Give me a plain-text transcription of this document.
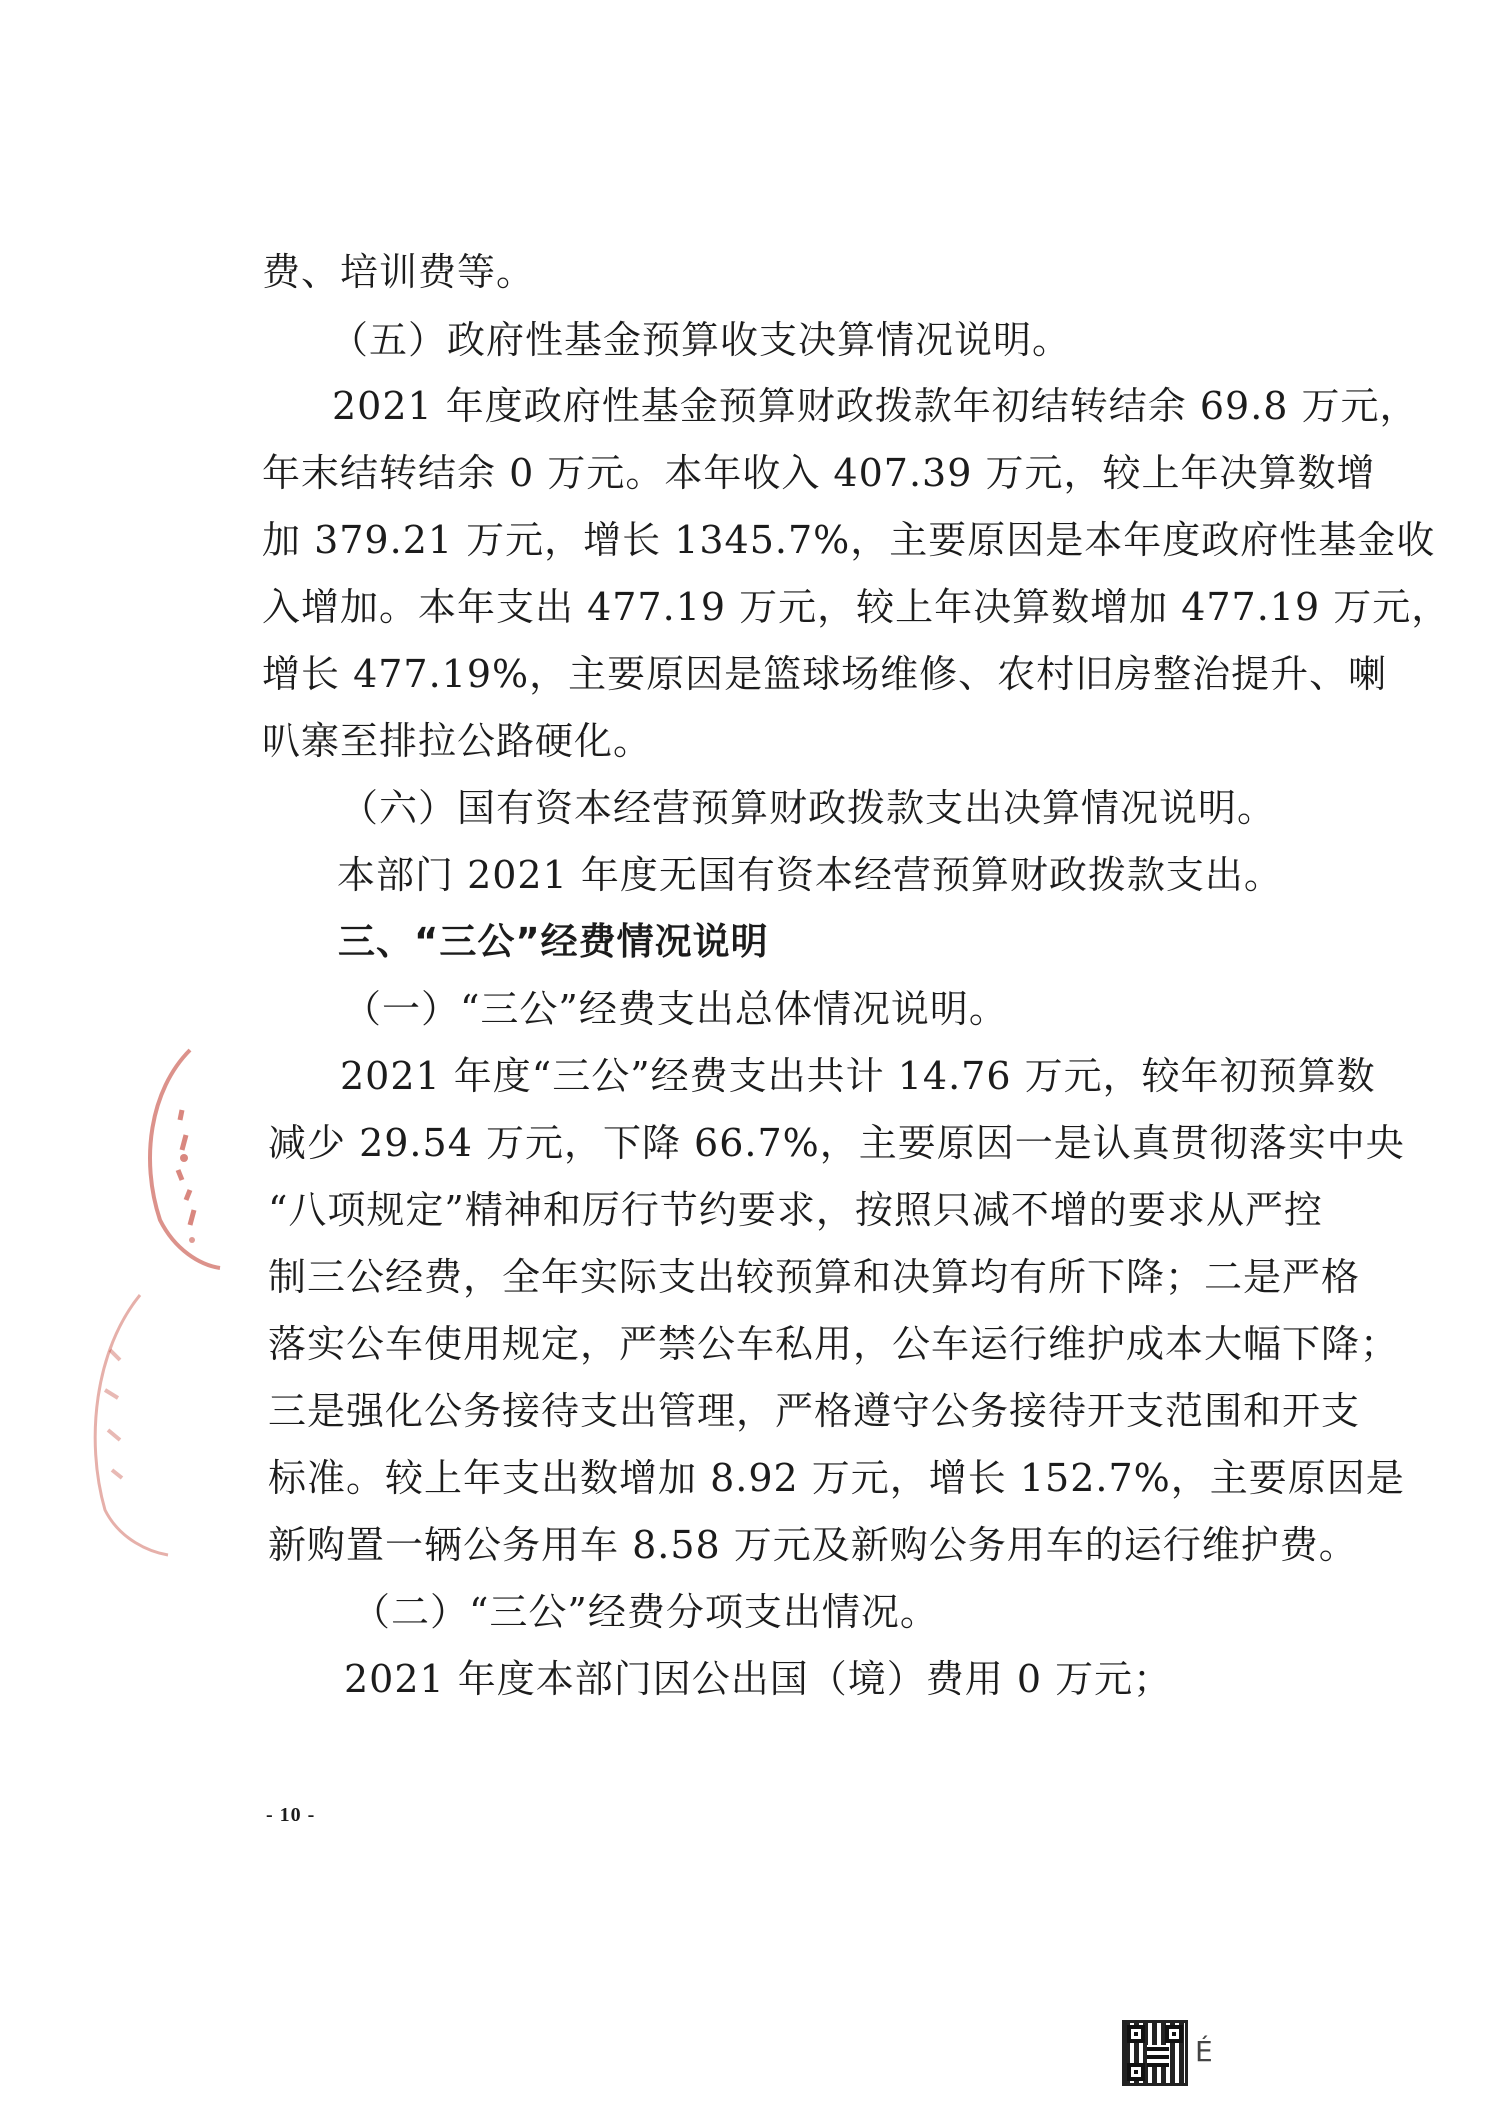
费、培训费等。
（五）政府性基金预算收支决算情况说明。
2021 年度政府性基金预算财政拨款年初结转结余 69.8 万元，
年末结转结余 0 万元。本年收入 407.39 万元，较上年决算数增
加 379.21 万元，增长 1345.7%，主要原因是本年度政府性基金收
入增加。本年支出 477.19 万元，较上年决算数增加 477.19 万元，
增长 477.19%，主要原因是篮球场维修、农村旧房整治提升、喇
叭寨至排拉公路硬化。
（六）国有资本经营预算财政拨款支出决算情况说明。
本部门 2021 年度无国有资本经营预算财政拨款支出。
三、“三公”经费情况说明
（一）“三公”经费支出总体情况说明。
2021 年度“三公”经费支出共计 14.76 万元，较年初预算数
减少 29.54 万元，下降 66.7%，主要原因一是认真贯彻落实中央
“八项规定”精神和厉行节约要求，按照只减不增的要求从严控
制三公经费，全年实际支出较预算和决算均有所下降；二是严格
落实公车使用规定，严禁公车私用，公车运行维护成本大幅下降；
三是强化公务接待支出管理，严格遵守公务接待开支范围和开支
标准。较上年支出数增加 8.92 万元，增长 152.7%，主要原因是
新购置一辆公务用车 8.58 万元及新购公务用车的运行维护费。
（二）“三公”经费分项支出情况。
2021 年度本部门因公出国（境）费用 0 万元；
- 10 -
É
